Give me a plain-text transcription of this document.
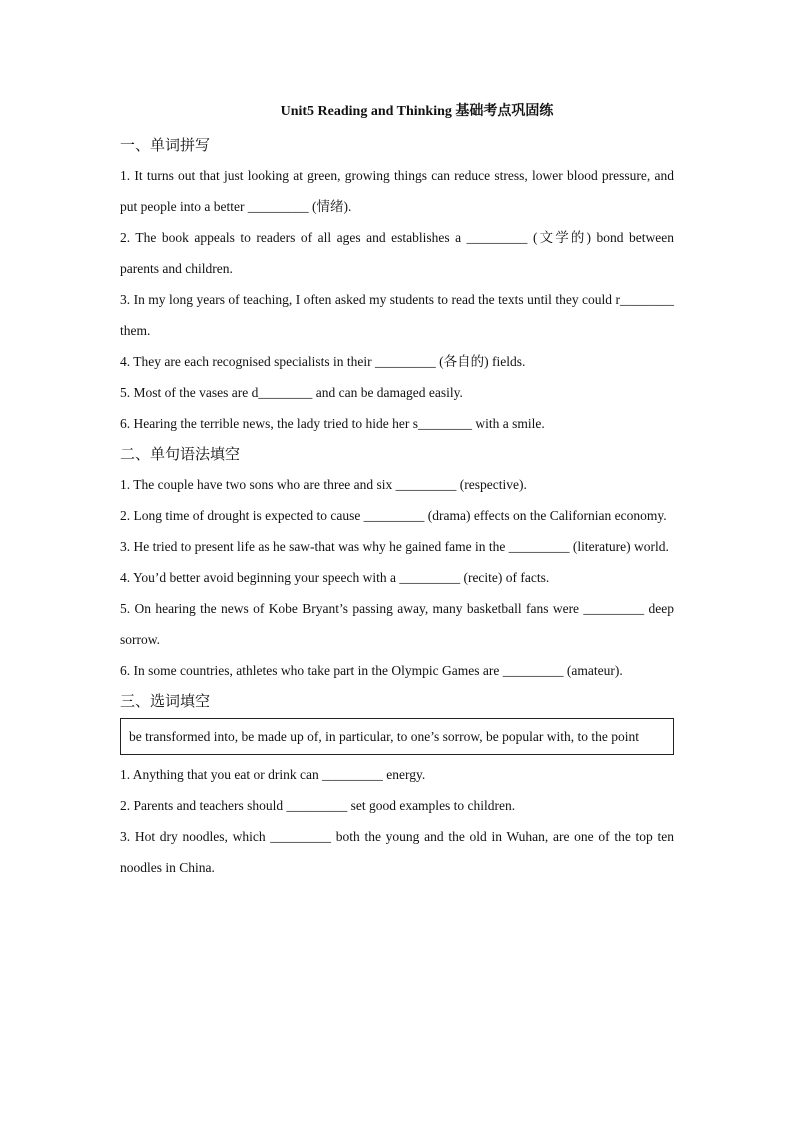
Unit5 Reading and Thinking 基础考点巩固练
一、单词拼写
1. It turns out that just looking at green, growing things can reduce stress, lower blood pressure, and put people into a better _________ (情绪).
2. The book appeals to readers of all ages and establishes a _________ (文学的) bond between parents and children.
3. In my long years of teaching, I often asked my students to read the texts until they could r________ them.
4. They are each recognised specialists in their _________ (各自的) fields.
5. Most of the vases are d________ and can be damaged easily.
6. Hearing the terrible news, the lady tried to hide her s________ with a smile.
二、单句语法填空
1. The couple have two sons who are three and six _________ (respective).
2. Long time of drought is expected to cause _________ (drama) effects on the Californian economy.
3. He tried to present life as he saw-that was why he gained fame in the _________ (literature) world.
4. You’d better avoid beginning your speech with a _________ (recite) of facts.
5. On hearing the news of Kobe Bryant’s passing away, many basketball fans were _________ deep sorrow.
6. In some countries, athletes who take part in the Olympic Games are _________ (amateur).
三、选词填空
be transformed into, be made up of, in particular, to one’s sorrow, be popular with, to the point
1. Anything that you eat or drink can _________ energy.
2. Parents and teachers should _________ set good examples to children.
3. Hot dry noodles, which _________ both the young and the old in Wuhan, are one of the top ten noodles in China.
